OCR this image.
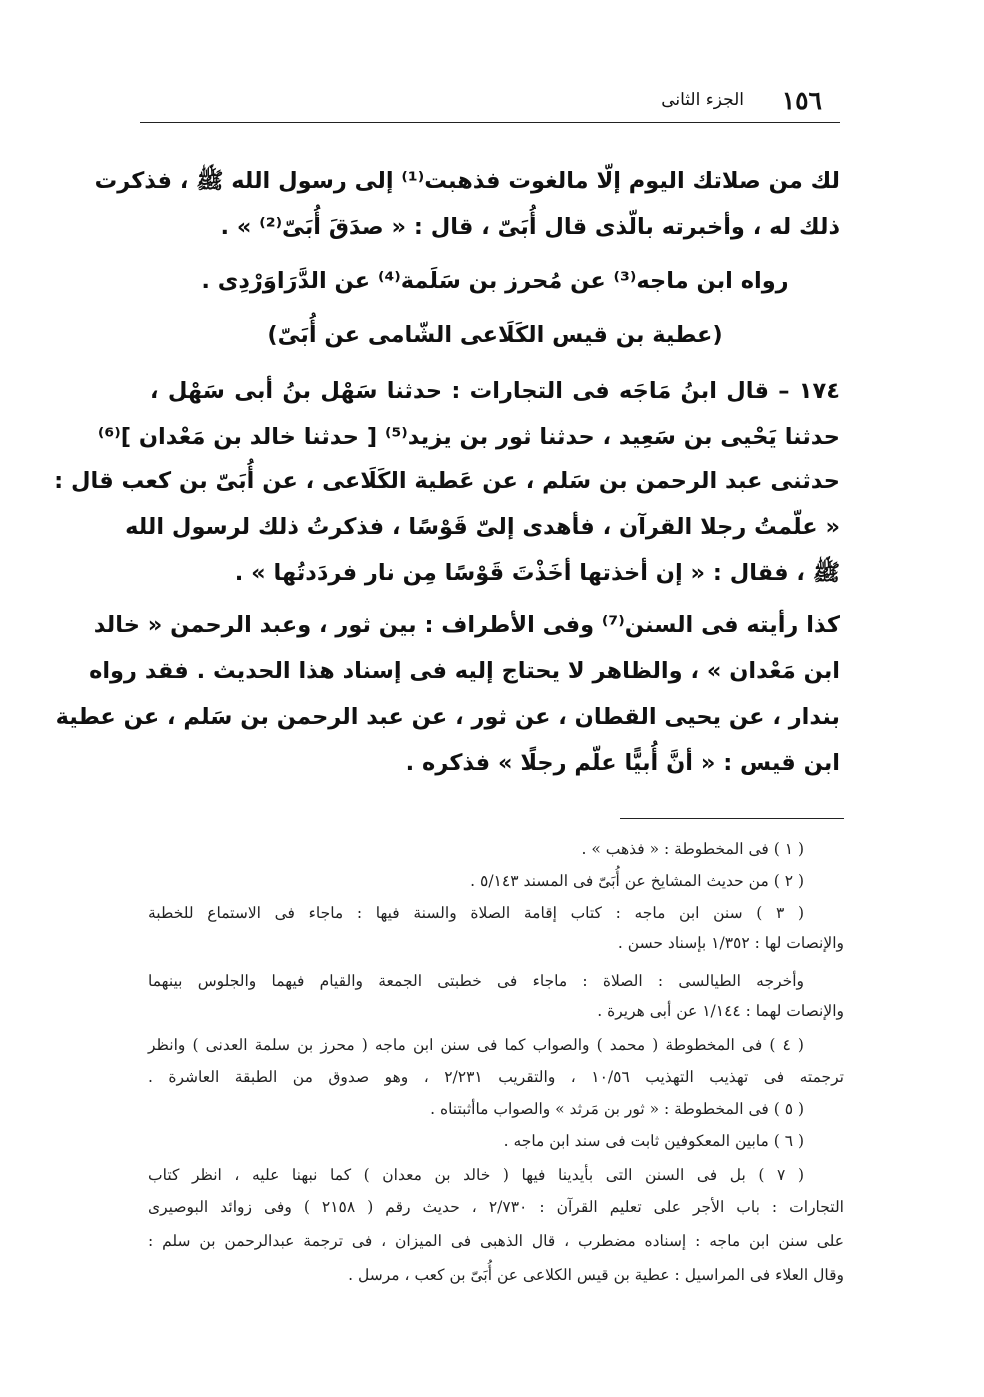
١٥٦
الجزء الثانى
لك من صلاتك اليوم إلّا مالغوت فذهبت⁽¹⁾ إلى رسول الله ﷺ ، فذكرت
ذلك له ، وأخبرته بالّذى قال أُبَىّ ، قال : « صدَقَ أُبَىّ⁽²⁾ » .
رواه ابن ماجه⁽³⁾ عن مُحرز بن سَلَمة⁽⁴⁾ عن الدَّرَاوَرْدِى .
(عطية بن قيس الكَلَاعى الشّامى عن أُبَىّ)
١٧٤ – قال ابنُ مَاجَه فى التجارات : حدثنا سَهْل بنُ أبى سَهْل ،
حدثنا يَحْيى بن سَعِيد ، حدثنا ثور بن يزيد⁽⁵⁾ [ حدثنا خالد بن مَعْدان ]⁽⁶⁾
حدثنى عبد الرحمن بن سَلم ، عن عَطية الكَلَاعى ، عن أُبَىّ بن كعب قال :
« علّمتُ رجلا القرآن ، فأهدى إلىّ قَوْسًا ، فذكرتُ ذلك لرسول الله
ﷺ ، فقال : « إن أخذتها أخَذْتَ قَوْسًا مِن نار فردَدتُها » .
كذا رأيته فى السنن⁽⁷⁾ وفى الأطراف : بين ثور ، وعبد الرحمن « خالد
ابن مَعْدان » ، والظاهر لا يحتاج إليه فى إسناد هذا الحديث . فقد رواه
بندار ، عن يحيى القطان ، عن ثور ، عن عبد الرحمن بن سَلم ، عن عطية
ابن قيس : « أنَّ أُبيًّا علّم رجلًا » فذكره .
( ١ ) فى المخطوطة : « فذهب » .
( ٢ ) من حديث المشايخ عن أُبَىّ فى المسند ٥/١٤٣ .
( ٣ ) سنن ابن ماجه : كتاب إقامة الصلاة والسنة فيها : ماجاء فى الاستماع للخطبة
والإنصات لها : ١/٣٥٢ بإسناد حسن .
وأخرجه الطيالسى : الصلاة : ماجاء فى خطبتى الجمعة والقيام فيهما والجلوس بينهما
والإنصات لهما : ١/١٤٤ عن أبى هريرة .
( ٤ ) فى المخطوطة ( محمد ) والصواب كما فى سنن ابن ماجه ( محرز بن سلمة العدنى ) وانظر
ترجمته فى تهذيب التهذيب ١٠/٥٦ ، والتقريب ٢/٢٣١ ، وهو صدوق من الطبقة العاشرة .
( ٥ ) فى المخطوطة : « ثور بن مَرثد » والصواب ماأثبتناه .
( ٦ ) مابين المعكوفين ثابت فى سند ابن ماجه .
( ٧ ) بل فى السنن التى بأيدينا فيها ( خالد بن معدان ) كما نبهنا عليه ، انظر كتاب
التجارات : باب الأجر على تعليم القرآن : ٢/٧٣٠ ، حديث رقم ( ٢١٥٨ ) وفى زوائد البوصيرى
على سنن ابن ماجه : إسناده مضطرب ، قال الذهبى فى الميزان ، فى ترجمة عبدالرحمن بن سلم :
وقال العلاء فى المراسيل : عطية بن قيس الكلاعى عن أُبَىّ بن كعب ، مرسل .
